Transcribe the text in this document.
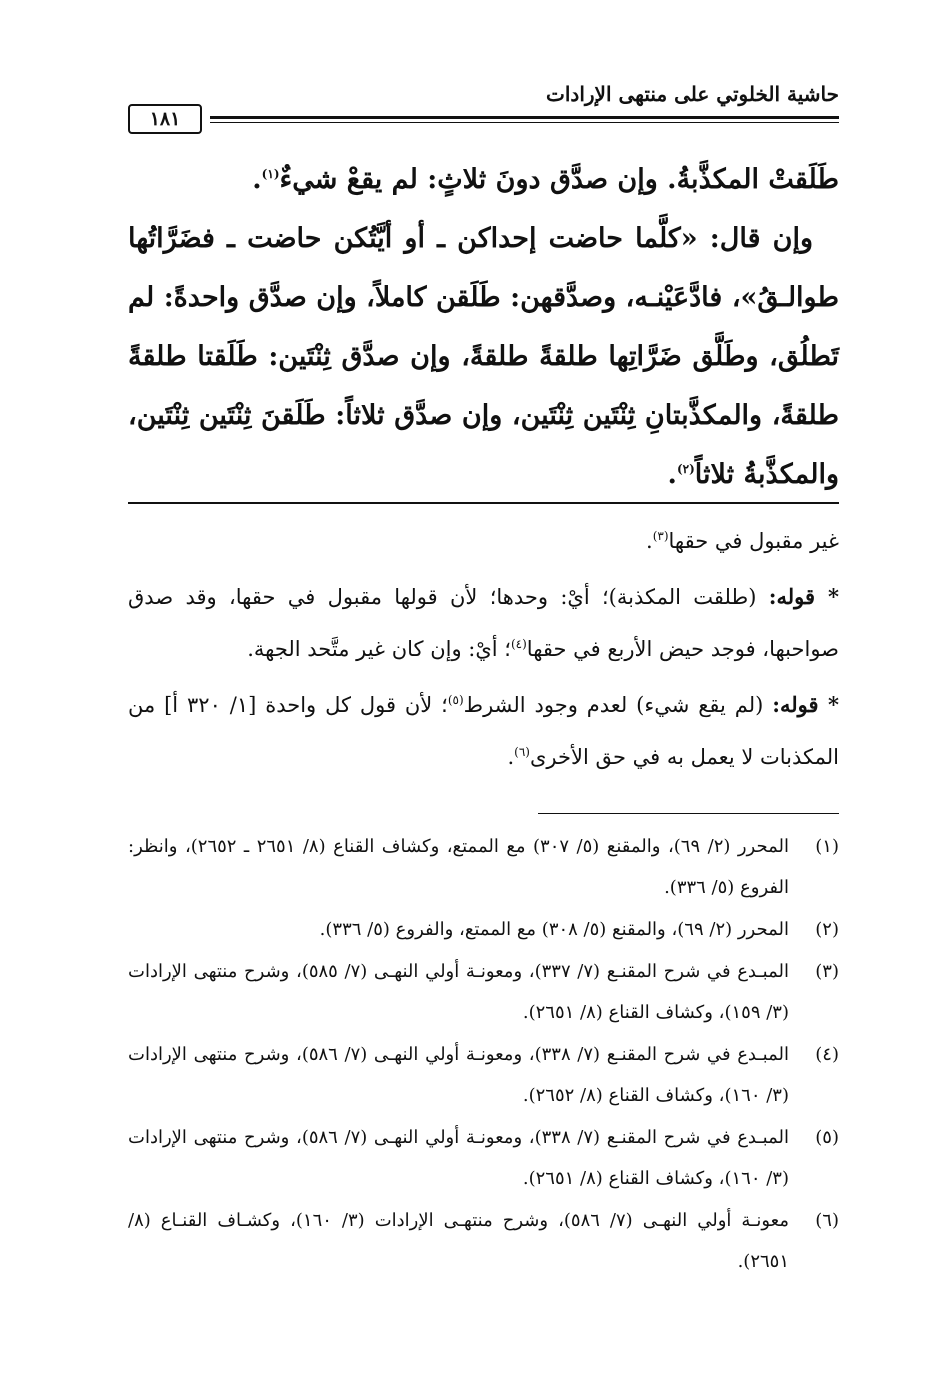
حاشية الخلوتي على منتهى الإرادات
١٨١

طَلَقتْ المكذَّبةُ. وإن صدَّق دونَ ثلاثٍ: لم يقعْ شيءٌ$^{(١)}$.

وإن قال: «كلَّما حاضت إحداكن ـ أو أيَّتُكن حاضت ـ فضَرَّاتُها طوالـقُ»، فادَّعَيْنـه، وصدَّقهن: طَلَقن كاملاً، وإن صدَّق واحدةً: لم تَطلُق، وطَلَّق ضَرَّاتِها طلقةً طلقةً، وإن صدَّق ثِنْتَين: طَلَقتا طلقةً طلقةً، والمكذَّبتانِ ثِنْتَين ثِنْتَين، وإن صدَّق ثلاثاً: طَلَقنَ ثِنْتَين ثِنْتَين، والمكذَّبةُ ثلاثاً$^{(٢)}$.

غير مقبول في حقها$^{(٣)}$.

* قوله: (طلقت المكذبة)؛ أيْ: وحدها؛ لأن قولها مقبول في حقها، وقد صدق صواحبها، فوجد حيض الأربع في حقها$^{(٤)}$؛ أيْ: وإن كان غير متَّحد الجهة.

* قوله: (لم يقع شيء) لعدم وجود الشرط$^{(٥)}$؛ لأن قول كل واحدة [١/ ٣٢٠ أ] من المكذبات لا يعمل به في حق الأخرى$^{(٦)}$.

(١)
المحرر (٢/ ٦٩)، والمقنع (٥/ ٣٠٧) مع الممتع، وكشاف القناع (٨/ ٢٦٥١ ـ ٢٦٥٢)، وانظر: الفروع (٥/ ٣٣٦).
(٢)
المحرر (٢/ ٦٩)، والمقنع (٥/ ٣٠٨) مع الممتع، والفروع (٥/ ٣٣٦).
(٣)
المبـدع في شرح المقنـع (٧/ ٣٣٧)، ومعونـة أولي النهـى (٧/ ٥٨٥)، وشرح منتهى الإرادات (٣/ ١٥٩)، وكشاف القناع (٨/ ٢٦٥١).
(٤)
المبـدع في شرح المقنـع (٧/ ٣٣٨)، ومعونـة أولي النهـى (٧/ ٥٨٦)، وشرح منتهى الإرادات (٣/ ١٦٠)، وكشاف القناع (٨/ ٢٦٥٢).
(٥)
المبـدع في شرح المقنـع (٧/ ٣٣٨)، ومعونـة أولي النهـى (٧/ ٥٨٦)، وشرح منتهى الإرادات (٣/ ١٦٠)، وكشاف القناع (٨/ ٢٦٥١).
(٦)
معونـة أولي النهـى (٧/ ٥٨٦)، وشرح منتهـى الإرادات (٣/ ١٦٠)، وكشـاف القنـاع (٨/ ٢٦٥١).
